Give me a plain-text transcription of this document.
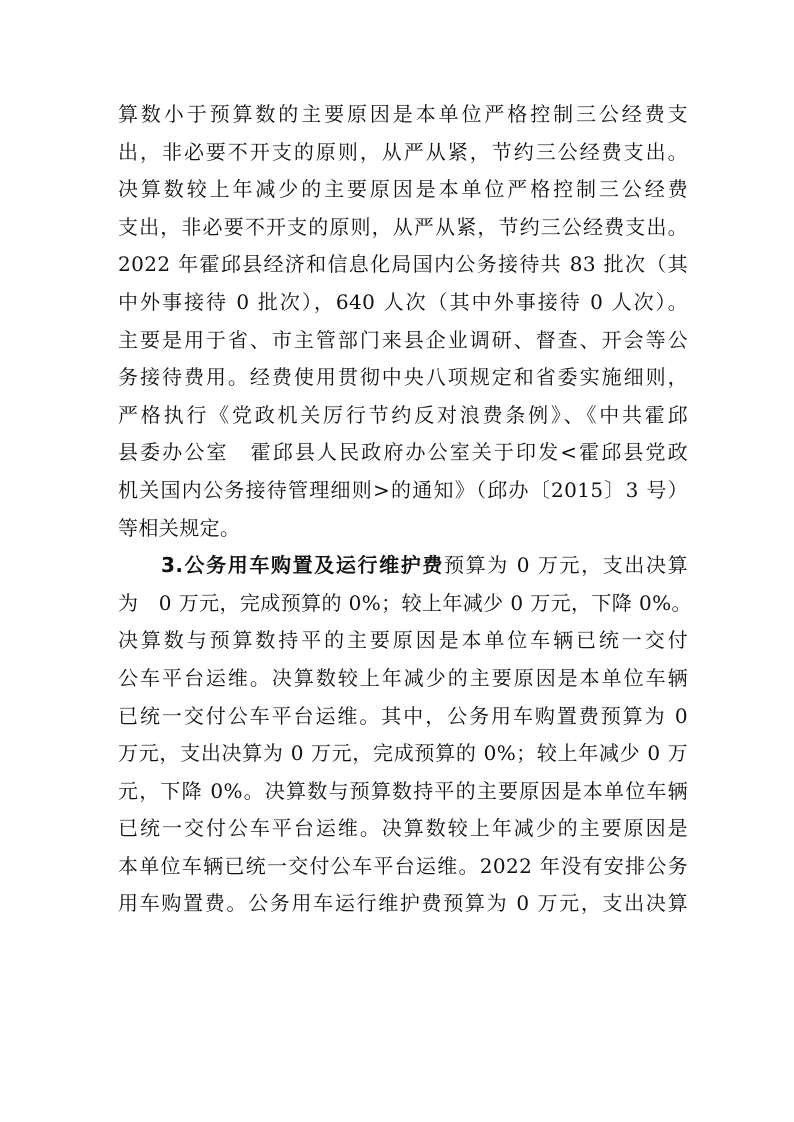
算数小于预算数的主要原因是本单位严格控制三公经费支
出，非必要不开支的原则，从严从紧，节约三公经费支出。
决算数较上年减少的主要原因是本单位严格控制三公经费
支出，非必要不开支的原则，从严从紧，节约三公经费支出。
2022 年霍邱县经济和信息化局国内公务接待共 83 批次（其
中外事接待 0 批次），640 人次（其中外事接待 0 人次）。
主要是用于省、市主管部门来县企业调研、督查、开会等公
务接待费用。经费使用贯彻中央八项规定和省委实施细则，
严格执行《党政机关厉行节约反对浪费条例》、《中共霍邱
县委办公室　霍邱县人民政府办公室关于印发<霍邱县党政
机关国内公务接待管理细则>的通知》（邱办〔2015〕3 号）
等相关规定。
3.公务用车购置及运行维护费预算为 0 万元，支出决算
为　0 万元，完成预算的 0%；较上年减少 0 万元，下降 0%。
决算数与预算数持平的主要原因是本单位车辆已统一交付
公车平台运维。决算数较上年减少的主要原因是本单位车辆
已统一交付公车平台运维。其中，公务用车购置费预算为 0
万元，支出决算为 0 万元，完成预算的 0%；较上年减少 0 万
元，下降 0%。决算数与预算数持平的主要原因是本单位车辆
已统一交付公车平台运维。决算数较上年减少的主要原因是
本单位车辆已统一交付公车平台运维。2022 年没有安排公务
用车购置费。公务用车运行维护费预算为 0 万元，支出决算
